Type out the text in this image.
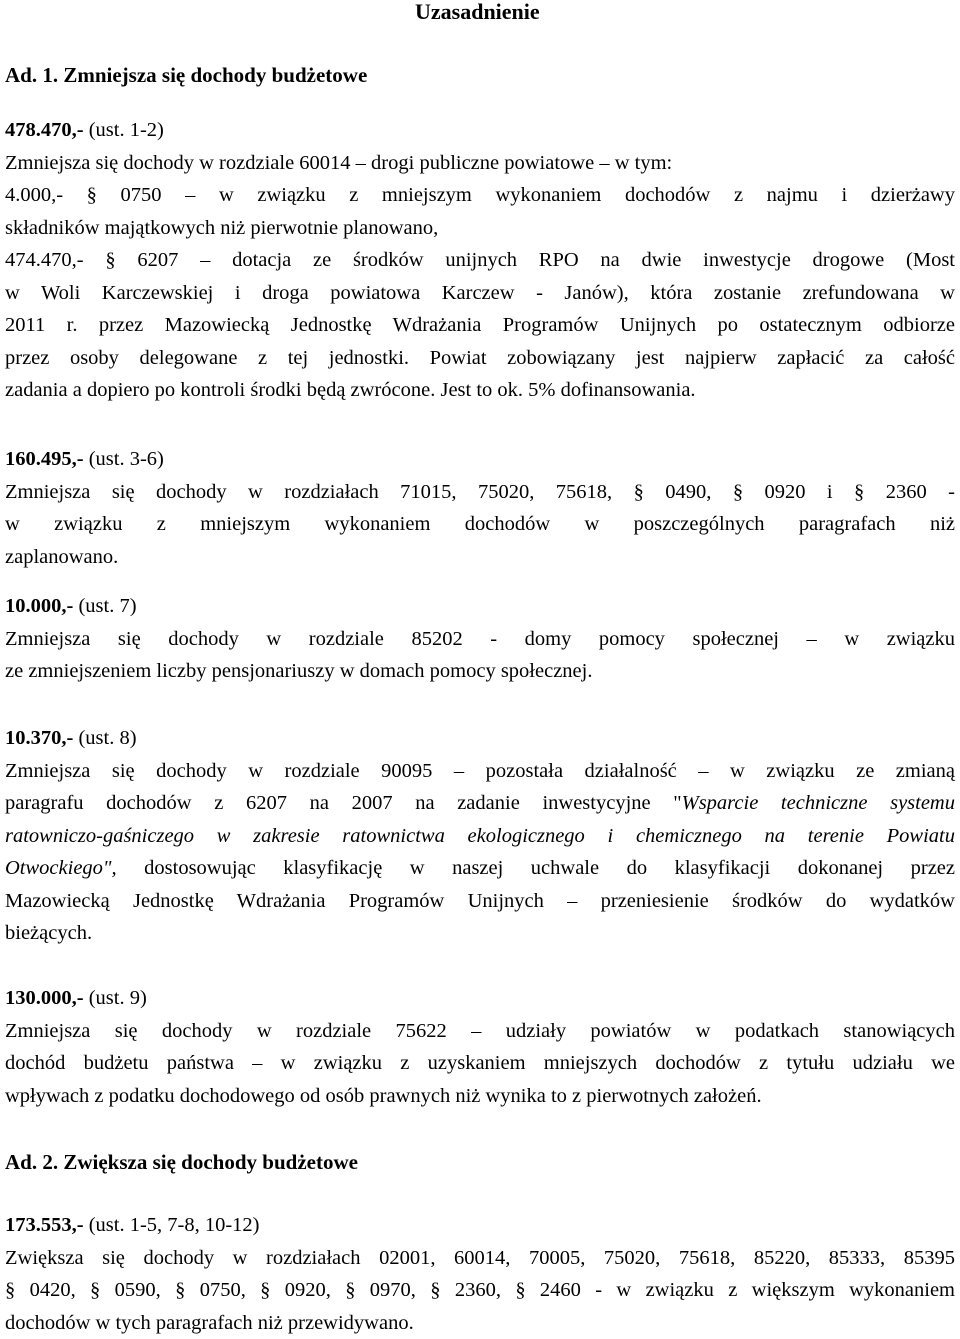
Uzasadnienie
Ad. 1. Zmniejsza się dochody budżetowe
478.470,- (ust. 1-2)
Zmniejsza się dochody w rozdziale 60014 – drogi publiczne powiatowe – w tym:
4.000,- § 0750 – w związku z mniejszym wykonaniem dochodów z najmu i dzierżawy
składników majątkowych niż pierwotnie planowano,
474.470,- § 6207 – dotacja ze środków unijnych RPO na dwie inwestycje drogowe (Most
w Woli Karczewskiej i droga powiatowa Karczew - Janów), która zostanie zrefundowana w
2011 r. przez Mazowiecką Jednostkę Wdrażania Programów Unijnych po ostatecznym odbiorze
przez osoby delegowane z tej jednostki. Powiat zobowiązany jest najpierw zapłacić za całość
zadania a dopiero po kontroli środki będą zwrócone. Jest to ok. 5% dofinansowania.
160.495,- (ust. 3-6)
Zmniejsza się dochody w rozdziałach 71015, 75020, 75618, § 0490, § 0920 i § 2360 -
w związku z mniejszym wykonaniem dochodów w poszczególnych paragrafach niż
zaplanowano.
10.000,- (ust. 7)
Zmniejsza się dochody w rozdziale 85202 - domy pomocy społecznej – w związku
ze zmniejszeniem liczby pensjonariuszy w domach pomocy społecznej.
10.370,- (ust. 8)
Zmniejsza się dochody w rozdziale 90095 – pozostała działalność – w związku ze zmianą
paragrafu dochodów z 6207 na 2007 na zadanie inwestycyjne "Wsparcie techniczne systemu
ratowniczo-gaśniczego w zakresie ratownictwa ekologicznego i chemicznego na terenie Powiatu
Otwockiego", dostosowując klasyfikację w naszej uchwale do klasyfikacji dokonanej przez
Mazowiecką Jednostkę Wdrażania Programów Unijnych – przeniesienie środków do wydatków
bieżących.
130.000,- (ust. 9)
Zmniejsza się dochody w rozdziale 75622 – udziały powiatów w podatkach stanowiących
dochód budżetu państwa – w związku z uzyskaniem mniejszych dochodów z tytułu udziału we
wpływach z podatku dochodowego od osób prawnych niż wynika to z pierwotnych założeń.
Ad. 2. Zwiększa się dochody budżetowe
173.553,- (ust. 1-5, 7-8, 10-12)
Zwiększa się dochody w rozdziałach 02001, 60014, 70005, 75020, 75618, 85220, 85333, 85395
§ 0420, § 0590, § 0750, § 0920, § 0970, § 2360, § 2460 - w związku z większym wykonaniem
dochodów w tych paragrafach niż przewidywano.
